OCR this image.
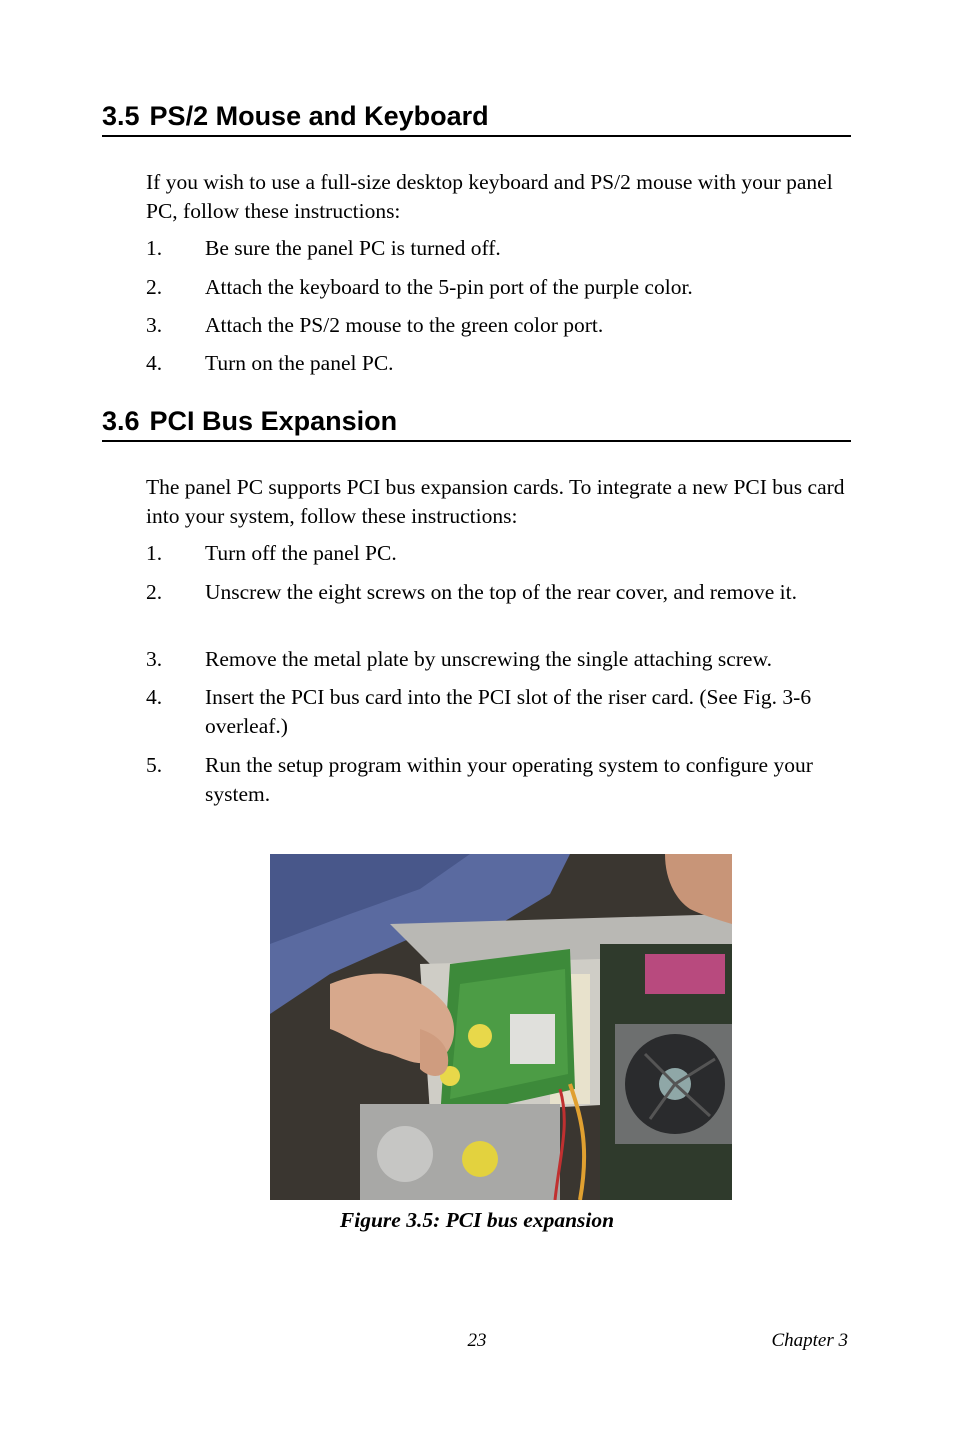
3.5 PS/2 Mouse and Keyboard

If you wish to use a full-size desktop keyboard and PS/2 mouse with your panel PC, follow these instructions:

1.	Be sure the panel PC is turned off.
2.	Attach the keyboard to the 5-pin port of the purple color.
3.	Attach the PS/2 mouse to the green color port.
4.	Turn on the panel PC.
3.6 PCI Bus Expansion

The panel PC supports PCI bus expansion cards. To integrate a new PCI bus card into your system, follow these instructions:

1.	Turn off the panel PC.
2.	Unscrew the eight screws on the top of the rear cover, and remove it.
3.	Remove the metal plate by unscrewing the single attaching screw.
4.	Insert the PCI bus card into the PCI slot of the riser card. (See Fig. 3-6 overleaf.)
5.	Run the setup program within your operating system to configure your system.
Figure 3.5: PCI bus expansion
23	Chapter 3
